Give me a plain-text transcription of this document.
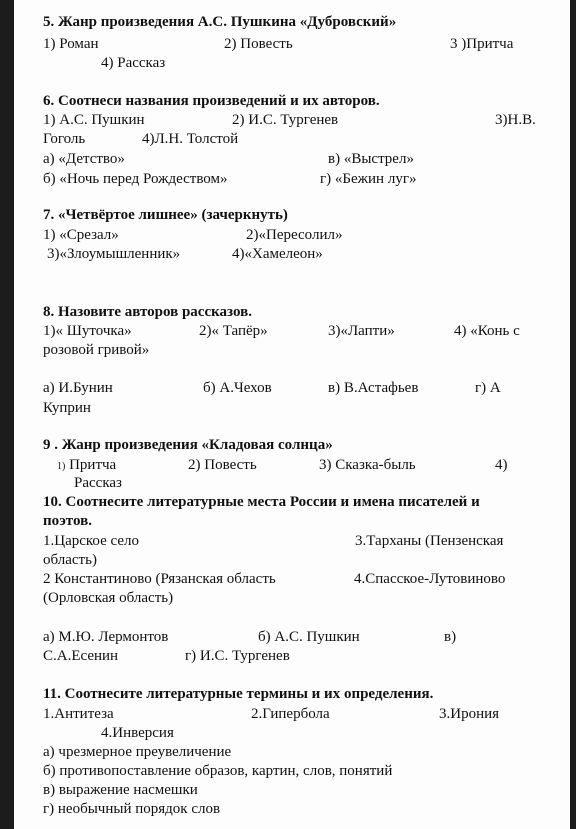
5. Жанр произведения А.С. Пушкина «Дубровский»
1) Роман	2) Повесть	3 )Притча
4) Рассказ
6. Соотнеси названия произведений и их авторов.
1) А.С. Пушкин	2) И.С. Тургенев	3)Н.В.
Гоголь	4)Л.Н. Толстой
а) «Детство»	в) «Выстрел»
б) «Ночь перед Рождеством»	г) «Бежин луг»
7. «Четвёртое лишнее» (зачеркнуть)
1) «Срезал»	2)«Пересолил»
3)«Злоумышленник»	4)«Хамелеон»
8. Назовите авторов рассказов.
1)« Шуточка»	2)« Тапёр»	3)«Лапти»	4) «Конь с
розовой гривой»
а) И.Бунин	б) А.Чехов	в) В.Астафьев	г) А
Куприн
9 . Жанр произведения «Кладовая солнца»
1) Притча	2) Повесть	3) Сказка-быль	4)
Рассказ
10. Соотнесите литературные места России и имена писателей и
поэтов.
1.Царское село	3.Тарханы (Пензенская
область)
2 Константиново (Рязанская область	4.Спасское-Лутовиново
(Орловская область)
а) М.Ю. Лермонтов	б) А.С. Пушкин	в)
С.А.Есенин	г) И.С. Тургенев
11. Соотнесите литературные термины и их определения.
1.Антитеза	2.Гипербола	3.Ирония
4.Инверсия
а) чрезмерное преувеличение
б) противопоставление образов, картин, слов, понятий
в) выражение насмешки
г) необычный порядок слов
